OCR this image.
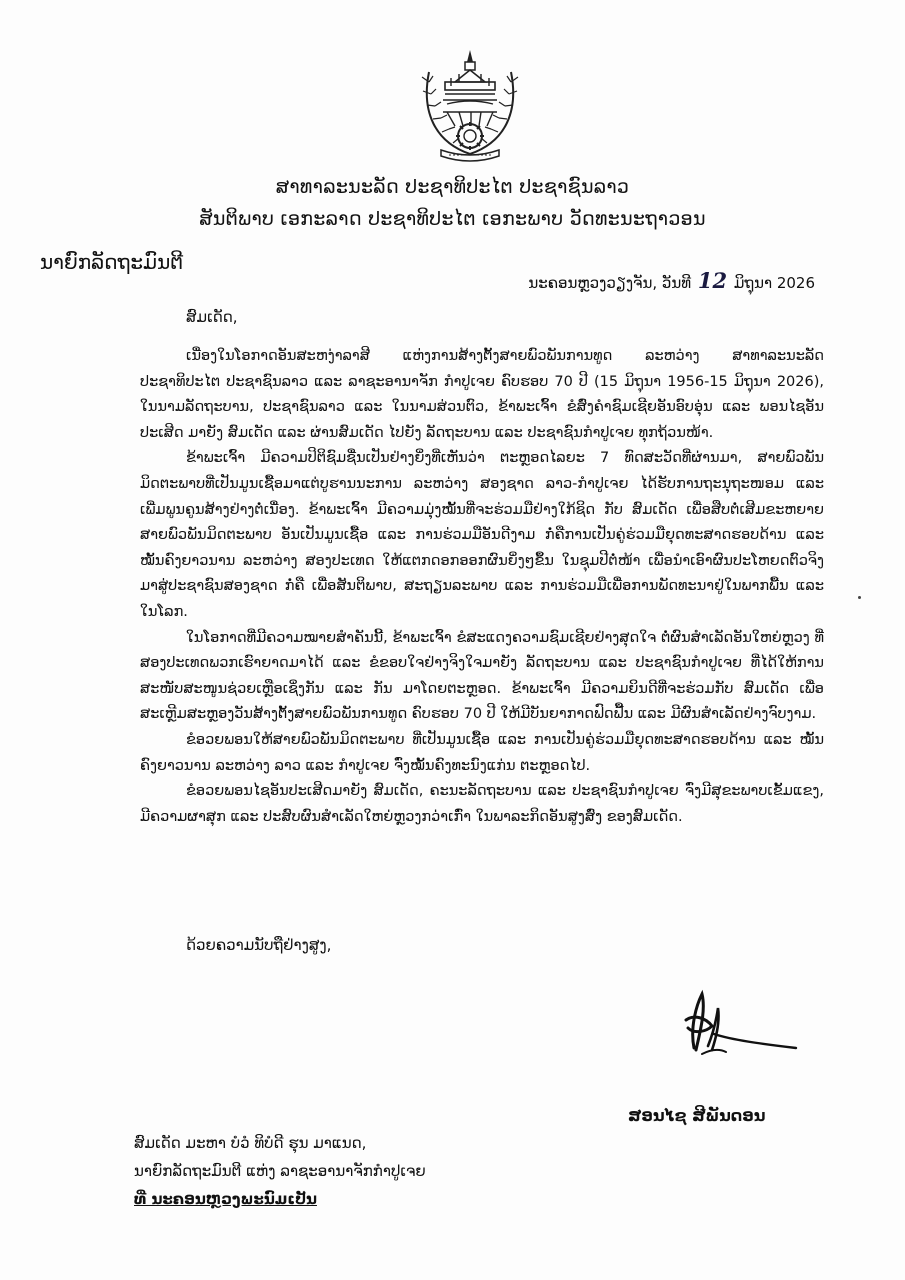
ສາທາລະນະລັດ ປະຊາທິປະໄຕ ປະຊາຊົນລາວ
ສັນຕິພາບ ເອກະລາດ ປະຊາທິປະໄຕ ເອກະພາບ ວັດທະນະຖາວອນ
ນາຍົກລັດຖະມົນຕີ
ນະຄອນຫຼວງວຽງຈັນ, ວັນທີ 12 ມິຖຸນາ 2026
ສົມເດັດ,

ເນື່ອງໃນໂອກາດອັນສະຫງ່າລາສີ ແຫ່ງການສ້າງຕັ້ງສາຍພົວພັນການທູດ ລະຫວ່າງ ສາທາລະນະລັດ ປະຊາທິປະໄຕ ປະຊາຊົນລາວ ແລະ ລາຊະອານາຈັກ ກຳປູເຈຍ ຄົບຮອບ 70 ປີ (15 ມິຖຸນາ 1956-15 ມິຖຸນາ 2026), ໃນນາມລັດຖະບານ, ປະຊາຊົນລາວ ແລະ ໃນນາມສ່ວນຕົວ, ຂ້າພະເຈົ້າ ຂໍສົ່ງຄຳຊົມເຊີຍອັນອົບອຸ່ນ ແລະ ພອນໄຊອັນປະເສີດ ມາຍັງ ສົມເດັດ ແລະ ຜ່ານສົມເດັດ ໄປຍັງ ລັດຖະບານ ແລະ ປະຊາຊົນກຳປູເຈຍ ທຸກຖ້ວນໜ້າ.

ຂ້າພະເຈົ້າ ມີຄວາມປິຕິຊົມຊື່ນເປັນຢ່າງຍິ່ງທີ່ເຫັນວ່າ ຕະຫຼອດໄລຍະ 7 ທົດສະວັດທີ່ຜ່ານມາ, ສາຍພົວພັນມິດຕະພາບທີ່ເປັນມູນເຊື້ອມາແຕ່ບູຮານນະການ ລະຫວ່າງ ສອງຊາດ ລາວ-ກຳປູເຈຍ ໄດ້ຮັບການຖະນຸຖະໜອມ ແລະ ເພີ່ມພູນຄູນສ້າງຢ່າງຕໍ່ເນື່ອງ. ຂ້າພະເຈົ້າ ມີຄວາມມຸ່ງໝັ້ນທີ່ຈະຮ່ວມມືຢ່າງໃກ້ຊິດ ກັບ ສົມເດັດ ເພື່ອສືບຕໍ່ເສີມຂະຫຍາຍສາຍພົວພັນມິດຕະພາບ ອັນເປັນມູນເຊື້ອ ແລະ ການຮ່ວມມືອັນດີງາມ ກໍ່ຄືການເປັນຄູ່ຮ່ວມມືຍຸດທະສາດຮອບດ້ານ ແລະ ໝັ້ນຄົງຍາວນານ ລະຫວ່າງ ສອງປະເທດ ໃຫ້ແຕກດອກອອກຜົນຍິ່ງໆຂຶ້ນ ໃນຊຸມປີຕໍ່ໜ້າ ເພື່ອນຳເອົາຜົນປະໂຫຍດຕົວຈິງມາສູ່ປະຊາຊົນສອງຊາດ ກໍ່ຄື ເພື່ອສັນຕິພາບ, ສະຖຽນລະພາບ ແລະ ການຮ່ວມມືເພື່ອການພັດທະນາຢູ່ໃນພາກພື້ນ ແລະ ໃນໂລກ.

ໃນໂອກາດທີ່ມີຄວາມໝາຍສຳຄັນນີ້, ຂ້າພະເຈົ້າ ຂໍສະແດງຄວາມຊົມເຊີຍຢ່າງສຸດໃຈ ຕໍ່ຜົນສຳເລັດອັນໃຫຍ່ຫຼວງ ທີ່ ສອງປະເທດພວກເຮົາຍາດມາໄດ້ ແລະ ຂໍຂອບໃຈຢ່າງຈິງໃຈມາຍັງ ລັດຖະບານ ແລະ ປະຊາຊົນກຳປູເຈຍ ທີ່ໄດ້ໃຫ້ການສະໜັບສະໜູນຊ່ວຍເຫຼືອເຊິ່ງກັນ ແລະ ກັນ ມາໂດຍຕະຫຼອດ. ຂ້າພະເຈົ້າ ມີຄວາມຍິນດີທີ່ຈະຮ່ວມກັບ ສົມເດັດ ເພື່ອສະເຫຼີມສະຫຼອງວັນສ້າງຕັ້ງສາຍພົວພັນການທູດ ຄົບຮອບ 70 ປີ ໃຫ້ມີບັນຍາກາດຟົດຟື້ນ ແລະ ມີຜົນສຳເລັດຢ່າງຈົບງາມ.

ຂໍອວຍພອນໃຫ້ສາຍພົວພັນມິດຕະພາບ ທີ່ເປັນມູນເຊື້ອ ແລະ ການເປັນຄູ່ຮ່ວມມືຍຸດທະສາດຮອບດ້ານ ແລະ ໝັ້ນຄົງຍາວນານ ລະຫວ່າງ ລາວ ແລະ ກຳປູເຈຍ ຈົ່ງໝັ້ນຄົງທະນົງແກ່ນ ຕະຫຼອດໄປ.

ຂໍອວຍພອນໄຊອັນປະເສີດມາຍັງ ສົມເດັດ, ຄະນະລັດຖະບານ ແລະ ປະຊາຊົນກຳປູເຈຍ ຈົ່ງມີສຸຂະພາບເຂັ້ມແຂງ, ມີຄວາມຜາສຸກ ແລະ ປະສົບຜົນສຳເລັດໃຫຍ່ຫຼວງກວ່າເກົ່າ ໃນພາລະກິດອັນສູງສົ່ງ ຂອງສົມເດັດ.

ດ້ວຍຄວາມນັບຖືຢ່າງສູງ,
ສອນໄຊ ສີພັນດອນ
ສົມເດັດ ມະຫາ ບໍວໍ ທິບໍດີ ຮຸນ ມາແນດ,
ນາຍົກລັດຖະມົນຕີ ແຫ່ງ ລາຊະອານາຈັກກຳປູເຈຍ
ທີ່ ນະຄອນຫຼວງພະນົມເປັນ
